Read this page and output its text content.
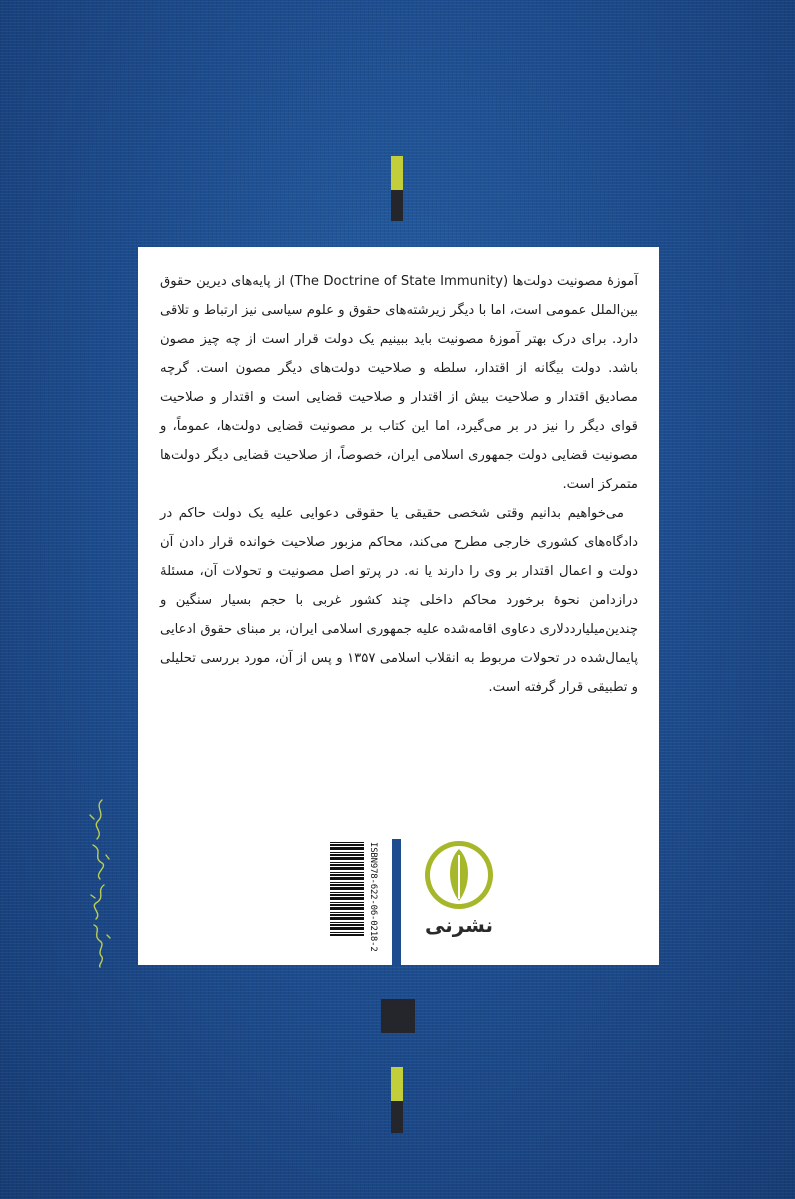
آموزهٔ مصونیت دولت‌ها (The Doctrine of State Immunity) از پایه‌های دیرین حقوق بین‌الملل عمومی است، اما با دیگر زیرشته‌های حقوق و علوم سیاسی نیز ارتباط و تلاقی دارد. برای درک بهتر آموزهٔ مصونیت باید ببینیم یک دولت قرار است از چه چیز مصون باشد. دولت بیگانه از اقتدار، سلطه و صلاحیت دولت‌های دیگر مصون است. گرچه مصادیق اقتدار و صلاحیت بیش از اقتدار و صلاحیت قضایی است و اقتدار و صلاحیت قوای دیگر را نیز در بر می‌گیرد، اما این کتاب بر مصونیت قضایی دولت‌ها، عموماً، و مصونیت قضایی دولت جمهوری اسلامی ایران، خصوصاً، از صلاحیت قضایی دیگر دولت‌ها متمرکز است.

می‌خواهیم بدانیم وقتی شخصی حقیقی یا حقوقی دعوایی علیه یک دولت حاکم در دادگاه‌های کشوری خارجی مطرح می‌کند، محاکم مزبور صلاحیت خوانده قرار دادن آن دولت و اعمال اقتدار بر وی را دارند یا نه. در پرتو اصل مصونیت و تحولات آن، مسئلهٔ درازدامن نحوهٔ برخورد محاکم داخلی چند کشور غربی با حجم بسیار سنگین و چندین‌میلیارددلاری دعاوی اقامه‌شده علیه جمهوری اسلامی ایران، بر مبنای حقوق ادعایی پایمال‌شده در تحولات مربوط به انقلاب اسلامی ۱۳۵۷ و پس از آن، مورد بررسی تحلیلی و تطبیقی قرار گرفته است.

ISBN978-622-06-0218-2	نشرنی
